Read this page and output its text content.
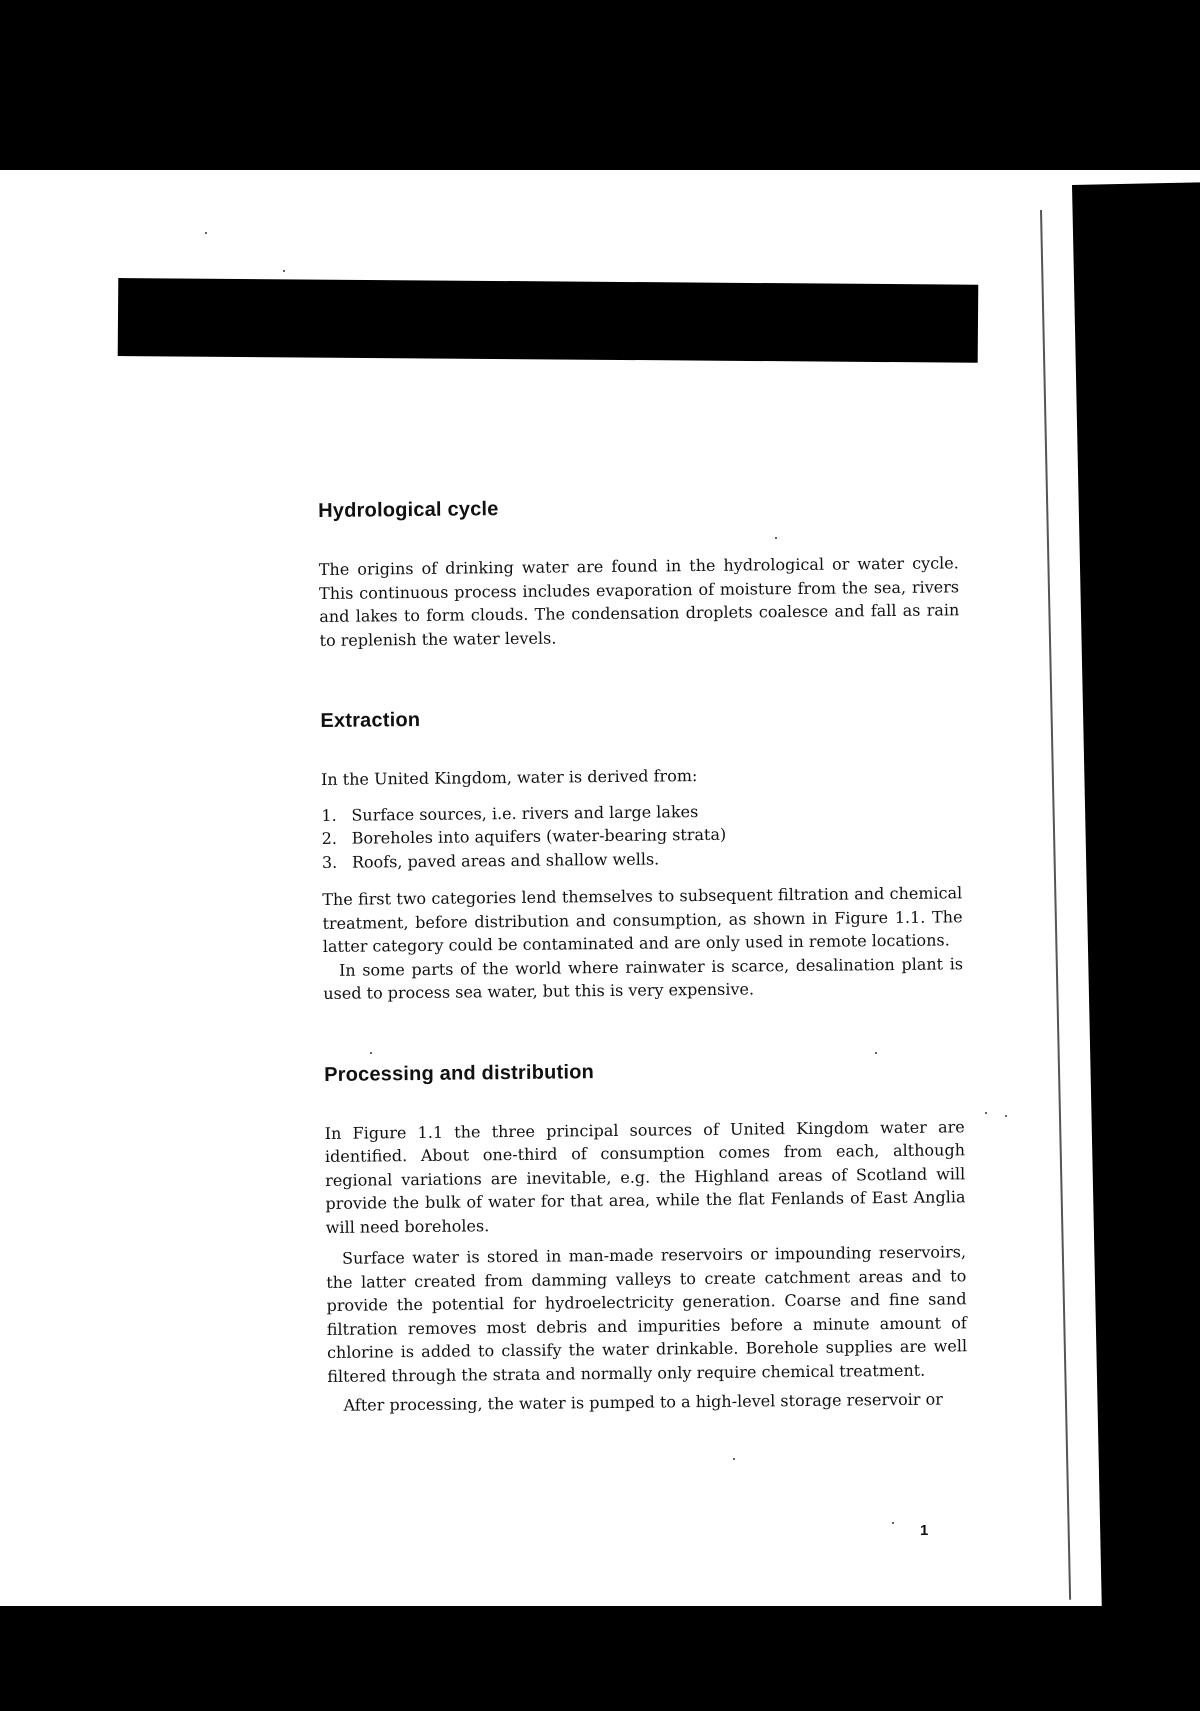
Hydrological cycle

The origins of drinking water are found in the hydrological or water cycle. This continuous process includes evaporation of moisture from the sea, rivers and lakes to form clouds. The condensation droplets coalesce and fall as rain to replenish the water levels.

Extraction

In the United Kingdom, water is derived from:

1. Surface sources, i.e. rivers and large lakes
2. Boreholes into aquifers (water-bearing strata)
3. Roofs, paved areas and shallow wells.

The first two categories lend themselves to subsequent filtration and chemical treatment, before distribution and consumption, as shown in Figure 1.1. The latter category could be contaminated and are only used in remote locations.

In some parts of the world where rainwater is scarce, desalination plant is used to process sea water, but this is very expensive.

Processing and distribution

In Figure 1.1 the three principal sources of United Kingdom water are identified. About one-third of consumption comes from each, although regional variations are inevitable, e.g. the Highland areas of Scotland will provide the bulk of water for that area, while the flat Fenlands of East Anglia will need boreholes.

Surface water is stored in man-made reservoirs or impounding reservoirs, the latter created from damming valleys to create catchment areas and to provide the potential for hydroelectricity generation. Coarse and fine sand filtration removes most debris and impurities before a minute amount of chlorine is added to classify the water drinkable. Borehole supplies are well filtered through the strata and normally only require chemical treatment.

After processing, the water is pumped to a high-level storage reservoir or

1
